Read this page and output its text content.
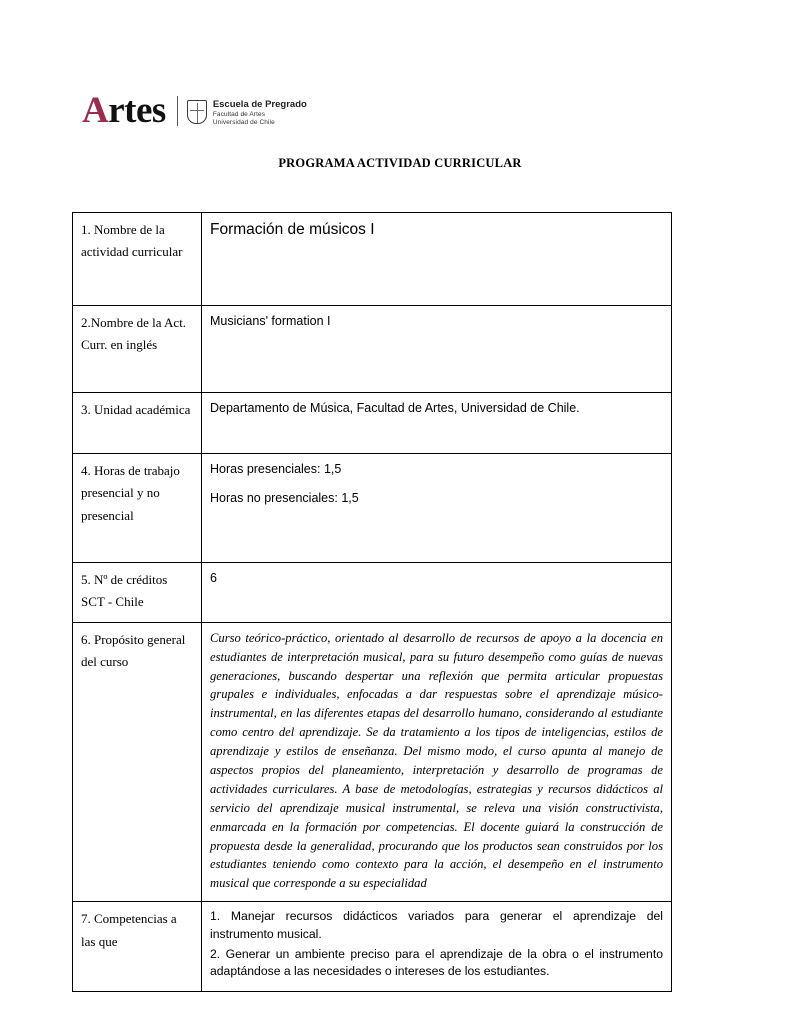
Artes	Escuela de Pregrado
Facultad de Artes
Universidad de Chile
PROGRAMA ACTIVIDAD CURRICULAR
1. Nombre de la actividad curricular	Formación de músicos I

2.Nombre de la Act. Curr. en inglés	Musicians' formation I
3. Unidad académica	Departamento de Música, Facultad de Artes, Universidad de Chile.
4. Horas de trabajo presencial y no presencial	Horas presenciales: 1,5
Horas no presenciales: 1,5

5. Nº de créditos SCT - Chile	6
6. Propósito general del curso	Curso teórico-práctico, orientado al desarrollo de recursos de apoyo a la docencia en estudiantes de interpretación musical, para su futuro desempeño como guías de nuevas generaciones, buscando despertar una reflexión que permita articular propuestas grupales e individuales, enfocadas a dar respuestas sobre el aprendizaje músico-instrumental, en las diferentes etapas del desarrollo humano, considerando al estudiante como centro del aprendizaje. Se da tratamiento a los tipos de inteligencias, estilos de aprendizaje y estilos de enseñanza. Del mismo modo, el curso apunta al manejo de aspectos propios del planeamiento, interpretación y desarrollo de programas de actividades curriculares. A base de metodologías, estrategias y recursos didácticos al servicio del aprendizaje musical instrumental, se releva una visión constructivista, enmarcada en la formación por competencias. El docente guiará la construcción de propuesta desde la generalidad, procurando que los productos sean construidos por los estudiantes teniendo como contexto para la acción, el desempeño en el instrumento musical que corresponde a su especialidad

7. Competencias a las que	1. Manejar recursos didácticos variados para generar el aprendizaje del instrumento musical.

2. Generar un ambiente preciso para el aprendizaje de la obra o el instrumento adaptándose a las necesidades o intereses de los estudiantes.
